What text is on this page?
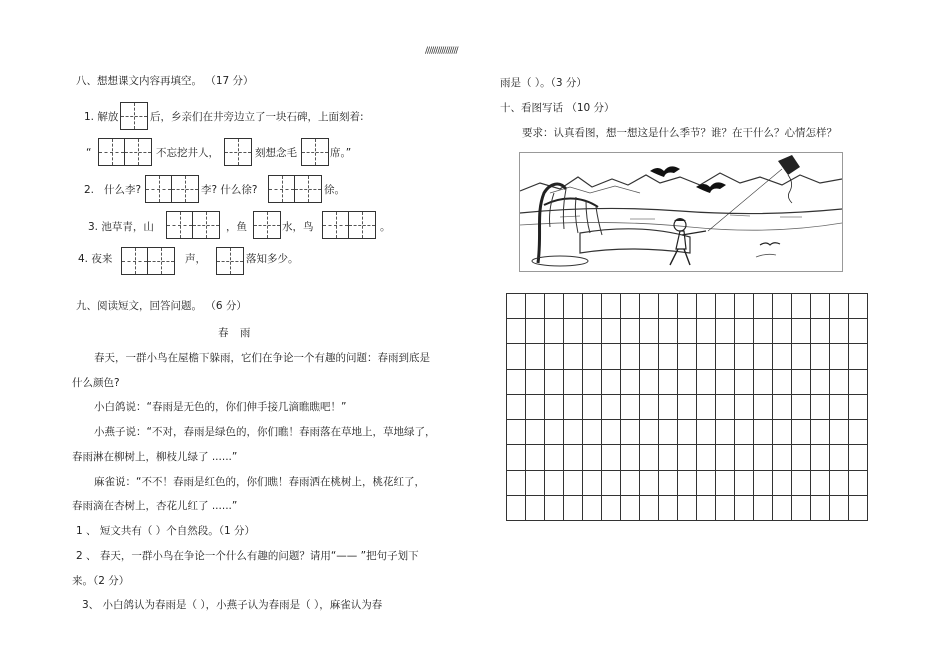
////////////////
八、想想课文内容再填空。 （17 分）
1. 解放	后，乡亲们在井旁边立了一块石碑，上面刻着:
“	不忘挖井人，	刻想念毛	席。”
2. 什么李?	李? 什么徐?	徐。
3. 池草青，山	，鱼	水，鸟	。
4. 夜来	声，	落知多少。
九、阅读短文，回答问题。 （6 分）
春 雨
春天，一群小鸟在屋檐下躲雨，它们在争论一个有趣的问题：春雨到底是
什么颜色?
小白鸽说：“春雨是无色的，你们伸手接几滴瞧瞧吧！”
小燕子说：“不对，春雨是绿色的，你们瞧！春雨落在草地上，草地绿了，
春雨淋在柳树上，柳枝儿绿了 ......”
麻雀说：“不不！春雨是红色的，你们瞧！春雨洒在桃树上，桃花红了，
春雨滴在杏树上，杏花儿红了 ......”
1 、 短文共有（ ）个自然段。（1 分）
2 、 春天，一群小鸟在争论一个什么有趣的问题？请用“—— ”把句子划下
来。（2 分）
3、 小白鸽认为春雨是（ ），小燕子认为春雨是（ ），麻雀认为春
雨是（ ）。（3 分）
十、看图写话 （10 分）
要求：认真看图，想一想这是什么季节？谁？在干什么？心情怎样？
